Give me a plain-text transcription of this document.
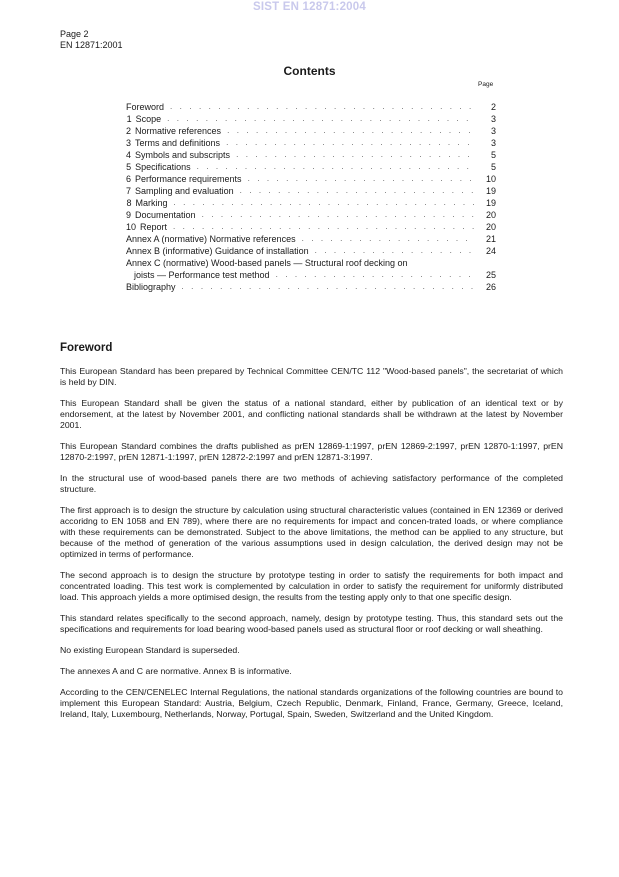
SIST EN 12871:2004
Page 2
EN 12871:2001
Contents
Page
Foreword . . .	2
1 Scope . . .	3
2 Normative references . . .	3
3 Terms and definitions . . .	3
4 Symbols and subscripts . . .	5
5 Specifications . . .	5
6 Performance requirements . . .	10
7 Sampling and evaluation . . .	19
8 Marking . . .	19
9 Documentation . . .	20
10 Report . . .	20
Annex A (normative) Normative references . . .	21
Annex B (informative) Guidance of installation . . .	24
Annex C (normative) Wood-based panels — Structural roof decking on
joists — Performance test method . . .	25
Bibliography . . .	26
Foreword

This European Standard has been prepared by Technical Committee CEN/TC 112 "Wood-based panels", the secretariat of which is held by DIN.

This European Standard shall be given the status of a national standard, either by publication of an identical text or by endorsement, at the latest by November 2001, and conflicting national standards shall be withdrawn at the latest by November 2001.

This European Standard combines the drafts published as prEN 12869-1:1997, prEN 12869-2:1997, prEN 12870-1:1997, prEN 12870-2:1997, prEN 12871-1:1997, prEN 12872-2:1997 and prEN 12871-3:1997.

In the structural use of wood-based panels there are two methods of achieving satisfactory performance of the completed structure.

The first approach is to design the structure by calculation using structural characteristic values (contained in EN 12369 or derived accoridng to EN 1058 and EN 789), where there are no requirements for impact and concen-trated loads, or where compliance with these requirements can be demonstrated. Subject to the above limitations, the method can be applied to any structure, but because of the method of generation of the various assumptions used in design calculation, the derived design may not be optimized in terms of performance.

The second approach is to design the structure by prototype testing in order to satisfy the requirements for both impact and concentrated loading. This test work is complemented by calculation in order to satisfy the requirement for uniformly distributed load. This approach yields a more optimised design, the results from the testing apply only to that one specific design.

This standard relates specifically to the second approach, namely, design by prototype testing. Thus, this standard sets out the specifications and requirements for load bearing wood-based panels used as structural floor or roof decking or wall sheathing.

No existing European Standard is superseded.

The annexes A and C are normative. Annex B is informative.

According to the CEN/CENELEC Internal Regulations, the national standards organizations of the following countries are bound to implement this European Standard: Austria, Belgium, Czech Republic, Denmark, Finland, France, Germany, Greece, Iceland, Ireland, Italy, Luxembourg, Netherlands, Norway, Portugal, Spain, Sweden, Switzerland and the United Kingdom.
